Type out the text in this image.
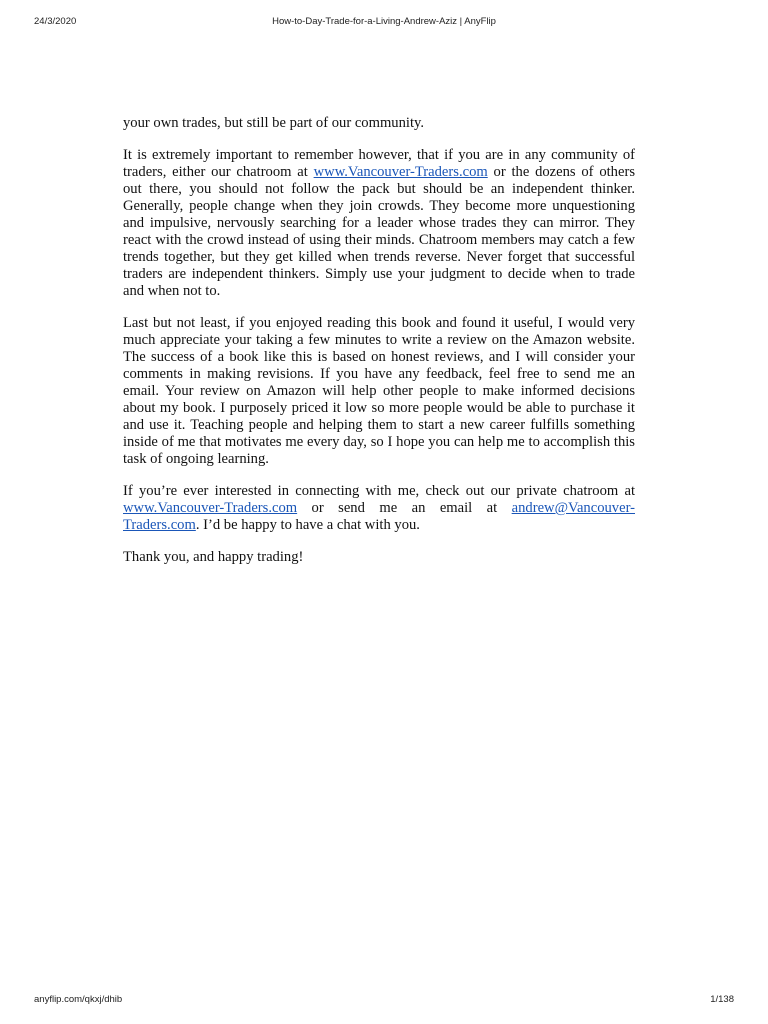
24/3/2020	How-to-Day-Trade-for-a-Living-Andrew-Aziz | AnyFlip

your own trades, but still be part of our community.

It is extremely important to remember however, that if you are in any community of traders, either our chatroom at www.Vancouver-Traders.com or the dozens of others out there, you should not follow the pack but should be an independent thinker. Generally, people change when they join crowds. They become more unquestioning and impulsive, nervously searching for a leader whose trades they can mirror. They react with the crowd instead of using their minds. Chatroom members may catch a few trends together, but they get killed when trends reverse. Never forget that successful traders are independent thinkers. Simply use your judgment to decide when to trade and when not to.

Last but not least, if you enjoyed reading this book and found it useful, I would very much appreciate your taking a few minutes to write a review on the Amazon website. The success of a book like this is based on honest reviews, and I will consider your comments in making revisions. If you have any feedback, feel free to send me an email. Your review on Amazon will help other people to make informed decisions about my book. I purposely priced it low so more people would be able to purchase it and use it. Teaching people and helping them to start a new career fulfills something inside of me that motivates me every day, so I hope you can help me to accomplish this task of ongoing learning.

If you’re ever interested in connecting with me, check out our private chatroom at www.Vancouver-Traders.com or send me an email at andrew@Vancouver-Traders.com. I’d be happy to have a chat with you.

Thank you, and happy trading!

anyflip.com/qkxj/dhib	1/138
